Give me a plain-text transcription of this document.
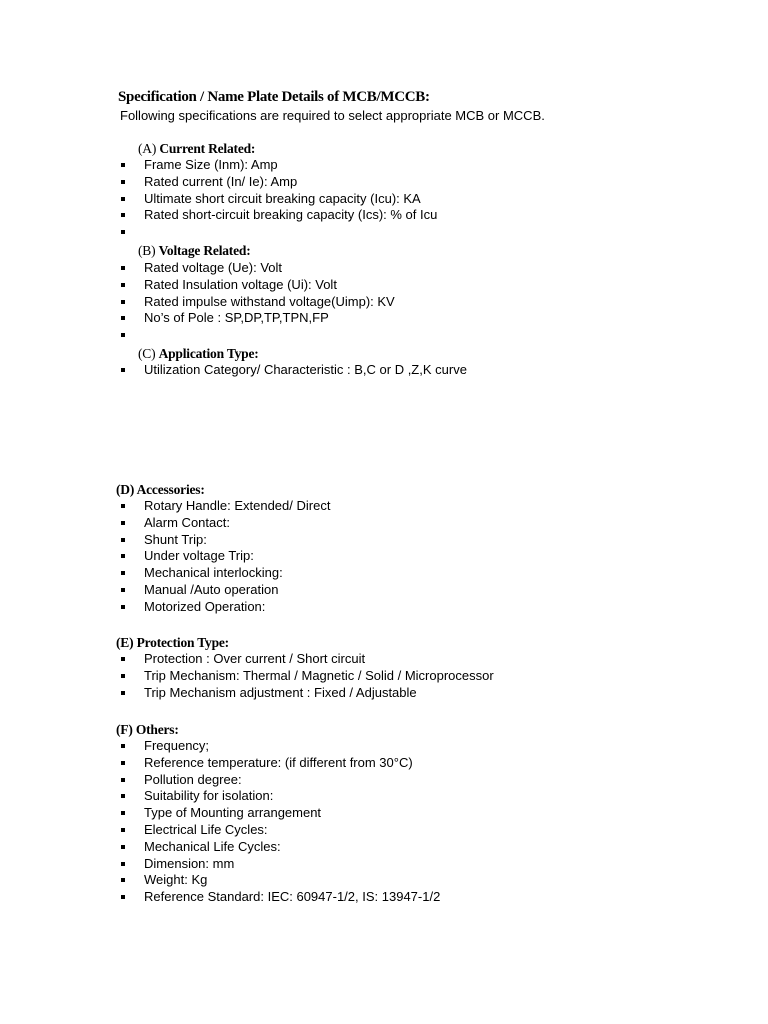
Specification / Name Plate Details of MCB/MCCB:
Following specifications are required to select appropriate MCB or MCCB.
(A) Current Related:
Frame Size (Inm): Amp
Rated current (In/ Ie): Amp
Ultimate short circuit breaking capacity (Icu): KA
Rated short-circuit breaking capacity (Ics): % of Icu
(B) Voltage Related:
Rated voltage (Ue): Volt
Rated Insulation voltage (Ui): Volt
Rated impulse withstand voltage(Uimp): KV
No’s of Pole : SP,DP,TP,TPN,FP
(C) Application Type:
Utilization Category/ Characteristic : B,C or D ,Z,K curve
(D) Accessories:
Rotary Handle: Extended/ Direct
Alarm Contact:
Shunt Trip:
Under voltage Trip:
Mechanical interlocking:
Manual /Auto operation
Motorized Operation:
(E) Protection Type:
Protection : Over current / Short circuit
Trip Mechanism: Thermal / Magnetic / Solid / Microprocessor
Trip Mechanism adjustment : Fixed / Adjustable
(F) Others:
Frequency;
Reference temperature: (if different from 30°C)
Pollution degree:
Suitability for isolation:
Type of Mounting arrangement
Electrical Life Cycles:
Mechanical Life Cycles:
Dimension: mm
Weight: Kg
Reference Standard: IEC: 60947-1/2, IS: 13947-1/2
